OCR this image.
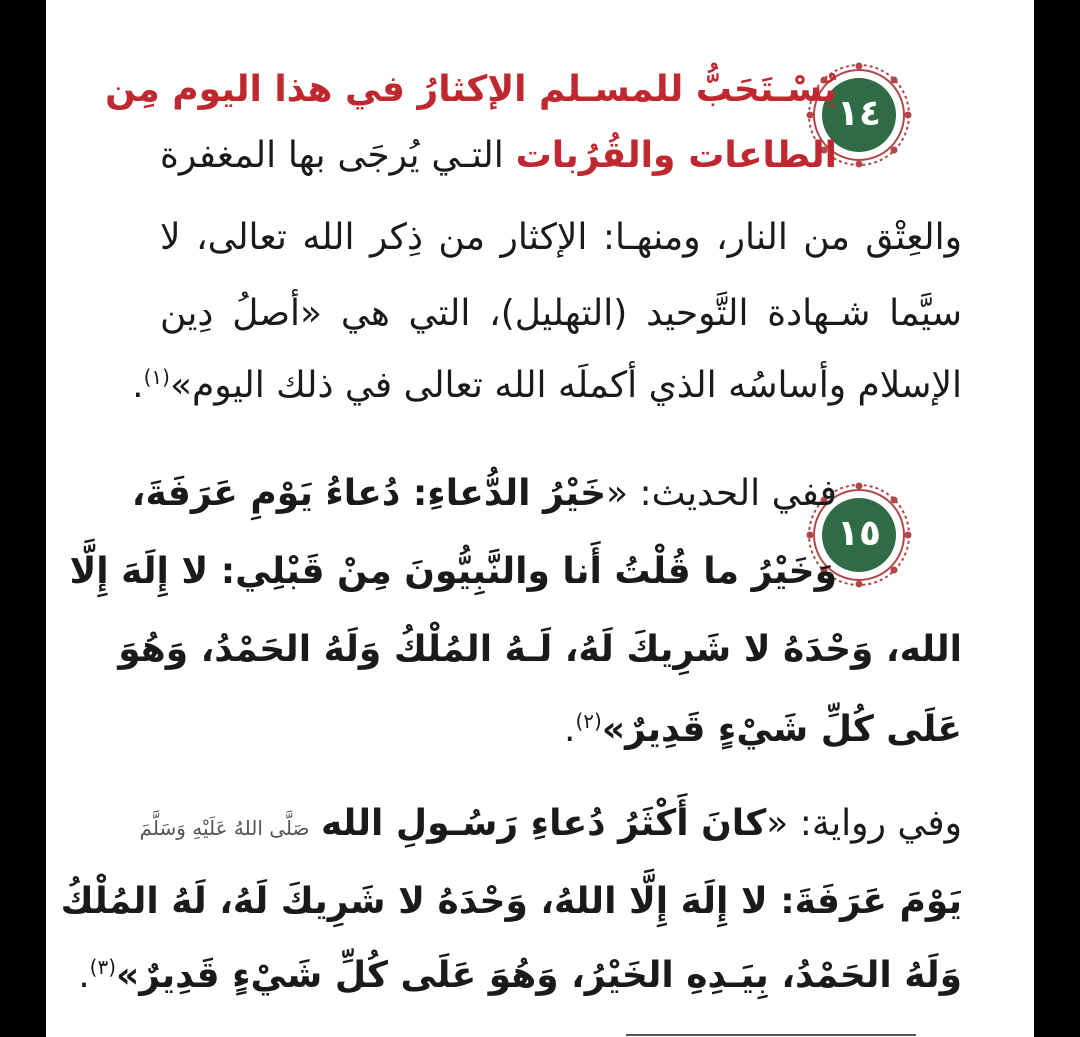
١٤
يُسْـتَحَبُّ للمسـلم الإكثارُ في هذا اليوم مِن
الطاعات والقُرُبات التـي يُرجَى بها المغفرة
والعِتْق من النار، ومنهـا: الإكثار من ذِكر الله تعالى، لا
سيَّما شـهادة التَّوحيد (التهليل)، التي هي «أصلُ دِين
الإسلام وأساسُه الذي أكملَه الله تعالى في ذلك اليوم»$^{(١)}$.
١٥
ففي الحديث: «خَيْرُ الدُّعاءِ: دُعاءُ يَوْمِ عَرَفَةَ،
وَخَيْرُ ما قُلْتُ أَنا والنَّبِيُّونَ مِنْ قَبْلِي: لا إِلَهَ إِلَّا
الله، وَحْدَهُ لا شَرِيكَ لَهُ، لَـهُ المُلْكُ وَلَهُ الحَمْدُ، وَهُوَ
عَلَى كُلِّ شَيْءٍ قَدِيرٌ»$^{(٢)}$.
وفي رواية: «كانَ أَكْثَرُ دُعاءِ رَسُـولِ الله صَلَّى اللهُ عَلَيْهِ وَسَلَّمَ
يَوْمَ عَرَفَةَ: لا إِلَهَ إِلَّا اللهُ، وَحْدَهُ لا شَرِيكَ لَهُ، لَهُ المُلْكُ
وَلَهُ الحَمْدُ، بِيَـدِهِ الخَيْرُ، وَهُوَ عَلَى كُلِّ شَيْءٍ قَدِيرٌ»$^{(٣)}$.
